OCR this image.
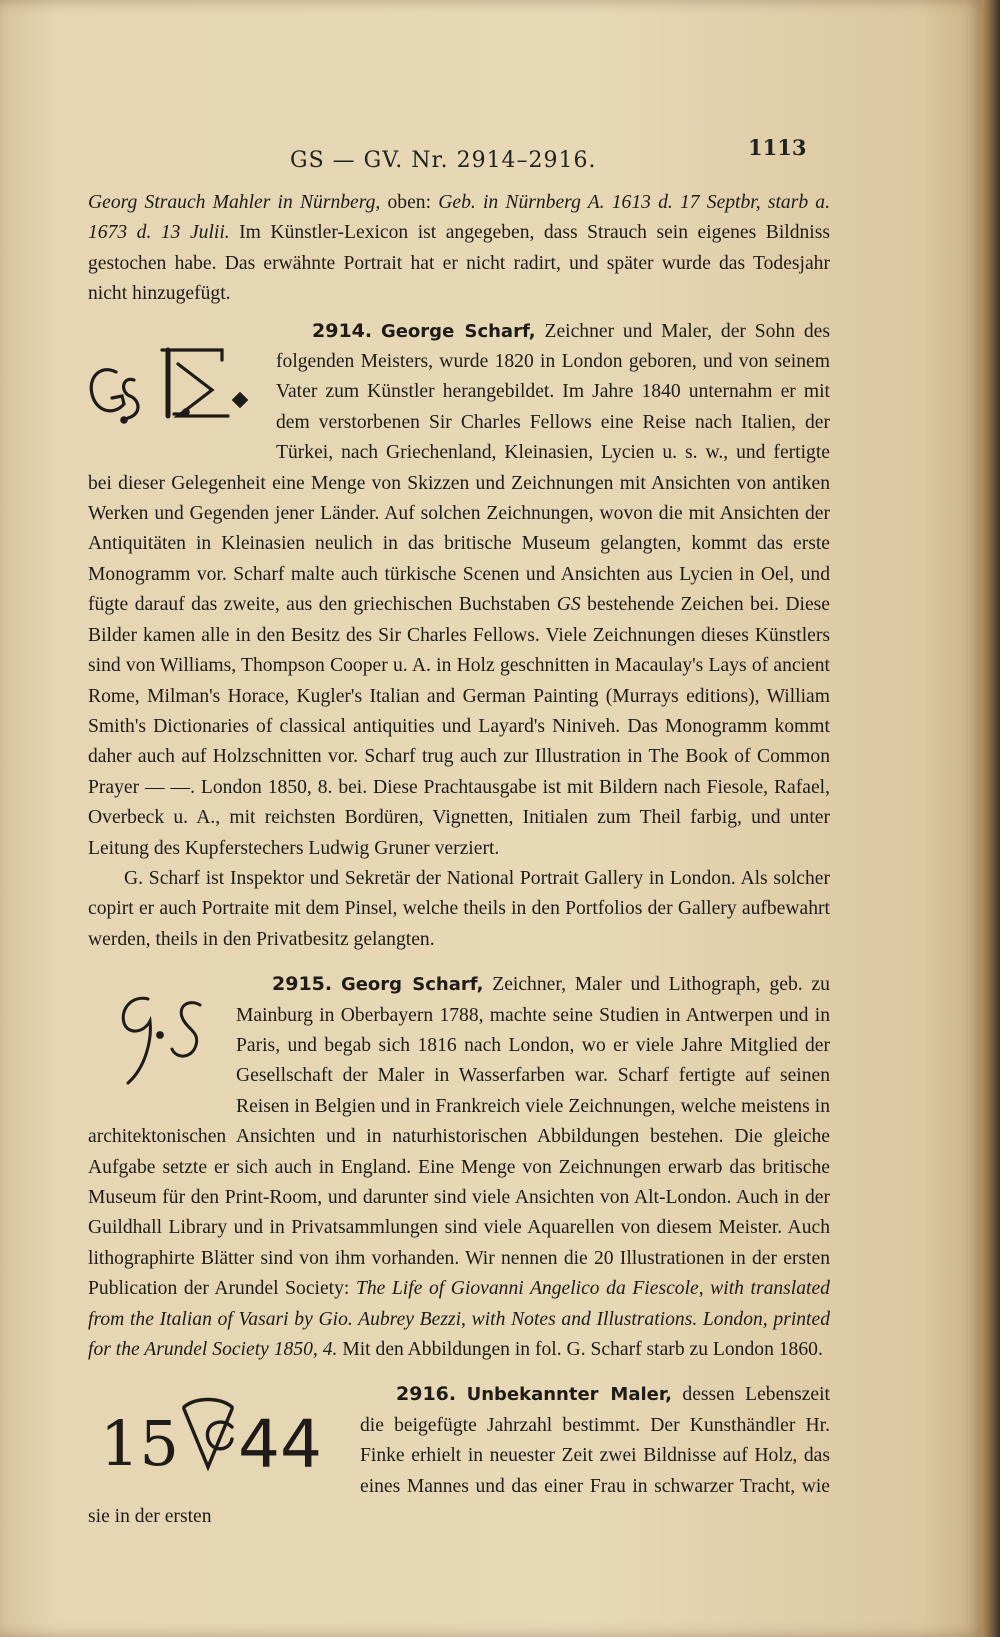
GS — GV. Nr. 2914–2916.
1113

Georg Strauch Mahler in Nürnberg, oben: Geb. in Nürnberg A. 1613 d. 17 Septbr, starb a. 1673 d. 13 Julii. Im Künstler-Lexicon ist angegeben, dass Strauch sein eigenes Bildniss gestochen habe. Das erwähnte Portrait hat er nicht radirt, und später wurde das Todesjahr nicht hinzugefügt.

2914. George Scharf,
Zeichner und Maler, der Sohn des folgenden Meisters, wurde 1820 in London geboren, und von seinem Vater zum Künstler herangebildet. Im Jahre 1840 unternahm er mit dem verstorbenen Sir Charles Fellows eine Reise nach Italien, der Türkei, nach Griechenland, Kleinasien, Lycien u. s. w., und fertigte bei dieser Gelegenheit eine Menge von Skizzen und Zeichnungen mit Ansichten von antiken Werken und Gegenden jener Länder. Auf solchen Zeichnungen, wovon die mit Ansichten der Antiquitäten in Kleinasien neulich in das britische Museum gelangten, kommt das erste Monogramm vor. Scharf malte auch türkische Scenen und Ansichten aus Lycien in Oel, und fügte darauf das zweite, aus den griechischen Buchstaben GS bestehende Zeichen bei. Diese Bilder kamen alle in den Besitz des Sir Charles Fellows. Viele Zeichnungen dieses Künstlers sind von Williams, Thompson Cooper u. A. in Holz geschnitten in Macaulay's Lays of ancient Rome, Milman's Horace, Kugler's Italian and German Painting (Murrays editions), William Smith's Dictionaries of classical antiquities und Layard's Niniveh. Das Monogramm kommt daher auch auf Holzschnitten vor. Scharf trug auch zur Illustration in The Book of Common Prayer — —. London 1850, 8. bei. Diese Prachtausgabe ist mit Bildern nach Fiesole, Rafael, Overbeck u. A., mit reichsten Bordüren, Vignetten, Initialen zum Theil farbig, und unter Leitung des Kupferstechers Ludwig Gruner verziert.

G. Scharf ist Inspektor und Sekretär der National Portrait Gallery in London. Als solcher copirt er auch Portraite mit dem Pinsel, welche theils in den Portfolios der Gallery aufbewahrt werden, theils in den Privatbesitz gelangten.

2915. Georg Scharf,
Zeichner, Maler und Lithograph, geb. zu Mainburg in Oberbayern 1788, machte seine Studien in Antwerpen und in Paris, und begab sich 1816 nach London, wo er viele Jahre Mitglied der Gesellschaft der Maler in Wasserfarben war. Scharf fertigte auf seinen Reisen in Belgien und in Frankreich viele Zeichnungen, welche meistens in architektonischen Ansichten und in naturhistorischen Abbildungen bestehen. Die gleiche Aufgabe setzte er sich auch in England. Eine Menge von Zeichnungen erwarb das britische Museum für den Print-Room, und darunter sind viele Ansichten von Alt-London. Auch in der Guildhall Library und in Privatsammlungen sind viele Aquarellen von diesem Meister. Auch lithographirte Blätter sind von ihm vorhanden. Wir nennen die 20 Illustrationen in der ersten Publication der Arundel Society: The Life of Giovanni Angelico da Fiescole, with translated from the Italian of Vasari by Gio. Aubrey Bezzi, with Notes and Illustrations. London, printed for the Arundel Society 1850, 4. Mit den Abbildungen in fol. G. Scharf starb zu London 1860.

2916. Unbekannter Maler,
15 44
dessen Lebenszeit die beigefügte Jahrzahl bestimmt. Der Kunsthändler Hr. Finke erhielt in neuester Zeit zwei Bildnisse auf Holz, das eines Mannes und das einer Frau in schwarzer Tracht, wie sie in der ersten
